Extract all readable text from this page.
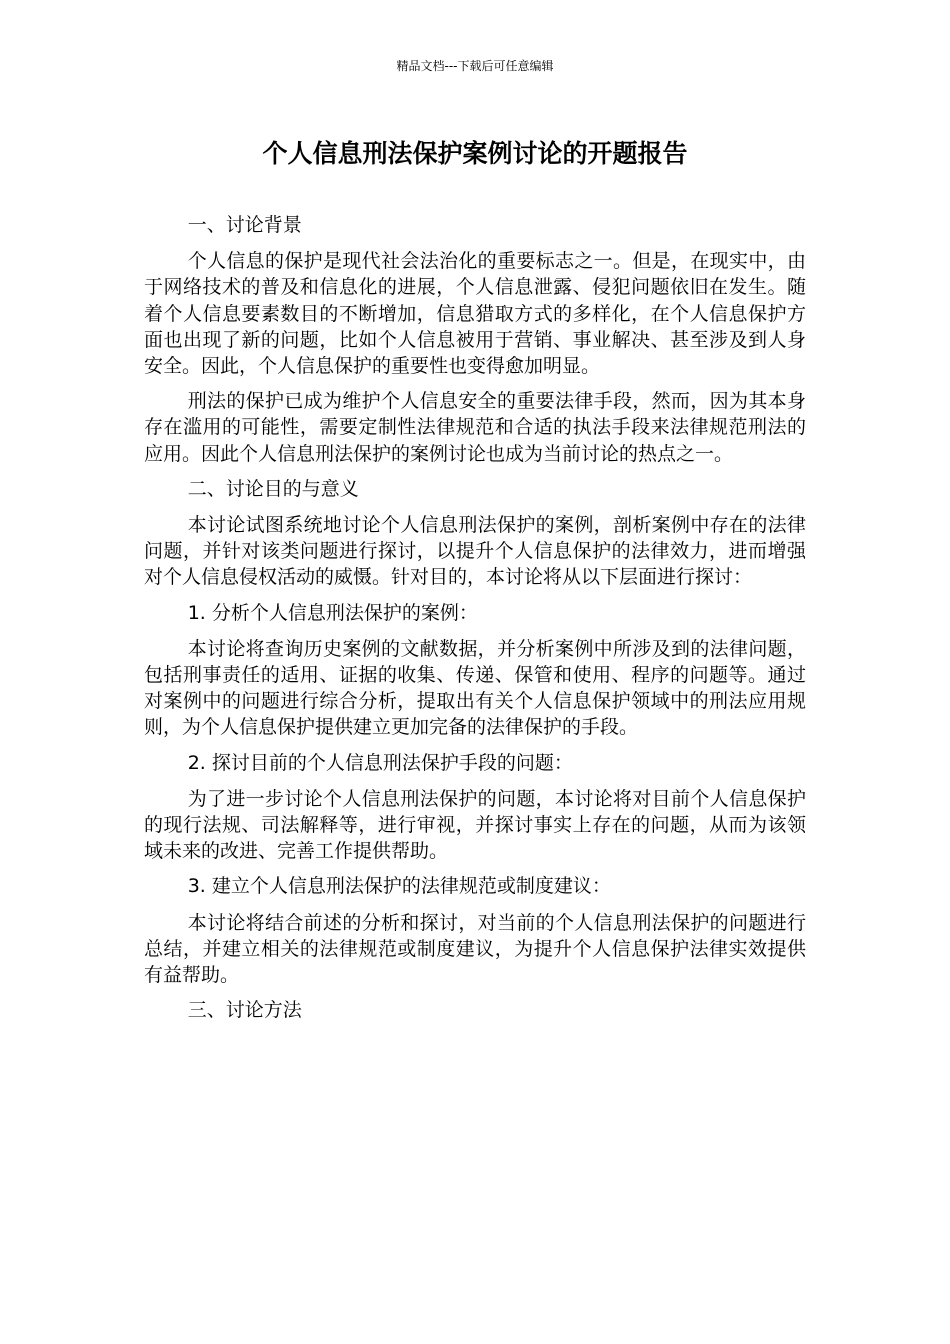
精品文档---下载后可任意编辑
个人信息刑法保护案例讨论的开题报告

一、讨论背景

个人信息的保护是现代社会法治化的重要标志之一。但是，在现实中，由于网络技术的普及和信息化的进展，个人信息泄露、侵犯问题依旧在发生。随着个人信息要素数目的不断增加，信息猎取方式的多样化，在个人信息保护方面也出现了新的问题，比如个人信息被用于营销、事业解决、甚至涉及到人身安全。因此，个人信息保护的重要性也变得愈加明显。

刑法的保护已成为维护个人信息安全的重要法律手段，然而，因为其本身存在滥用的可能性，需要定制性法律规范和合适的执法手段来法律规范刑法的应用。因此个人信息刑法保护的案例讨论也成为当前讨论的热点之一。

二、讨论目的与意义

本讨论试图系统地讨论个人信息刑法保护的案例，剖析案例中存在的法律问题，并针对该类问题进行探讨，以提升个人信息保护的法律效力，进而增强对个人信息侵权活动的威慑。针对目的，本讨论将从以下层面进行探讨：

1. 分析个人信息刑法保护的案例：

本讨论将查询历史案例的文献数据，并分析案例中所涉及到的法律问题，包括刑事责任的适用、证据的收集、传递、保管和使用、程序的问题等。通过对案例中的问题进行综合分析，提取出有关个人信息保护领域中的刑法应用规则，为个人信息保护提供建立更加完备的法律保护的手段。

2. 探讨目前的个人信息刑法保护手段的问题：

为了进一步讨论个人信息刑法保护的问题，本讨论将对目前个人信息保护的现行法规、司法解释等，进行审视，并探讨事实上存在的问题，从而为该领域未来的改进、完善工作提供帮助。

3. 建立个人信息刑法保护的法律规范或制度建议：

本讨论将结合前述的分析和探讨，对当前的个人信息刑法保护的问题进行总结，并建立相关的法律规范或制度建议，为提升个人信息保护法律实效提供有益帮助。

三、讨论方法
